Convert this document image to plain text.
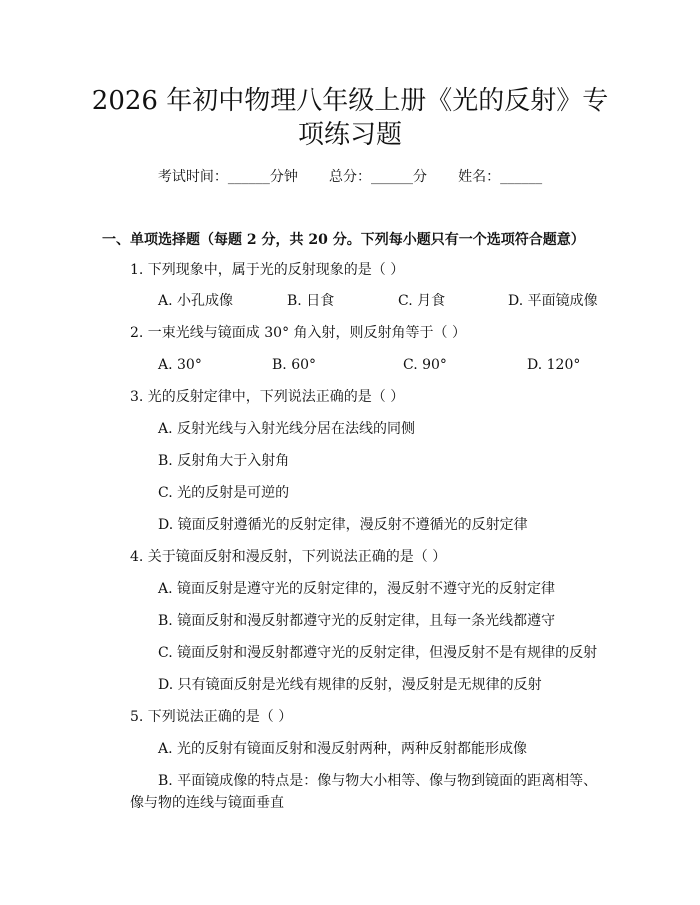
2026 年初中物理八年级上册《光的反射》专
项练习题
考试时间：______分钟 总分：______分 姓名：______
一、单项选择题（每题 2 分，共 20 分。下列每小题只有一个选项符合题意）
1. 下列现象中，属于光的反射现象的是（ ）
A. 小孔成像	B. 日食	C. 月食	D. 平面镜成像
2. 一束光线与镜面成 30° 角入射，则反射角等于（ ）
A. 30°	B. 60°	C. 90°	D. 120°
3. 光的反射定律中，下列说法正确的是（ ）
A. 反射光线与入射光线分居在法线的同侧
B. 反射角大于入射角
C. 光的反射是可逆的
D. 镜面反射遵循光的反射定律，漫反射不遵循光的反射定律
4. 关于镜面反射和漫反射，下列说法正确的是（ ）
A. 镜面反射是遵守光的反射定律的，漫反射不遵守光的反射定律
B. 镜面反射和漫反射都遵守光的反射定律，且每一条光线都遵守
C. 镜面反射和漫反射都遵守光的反射定律，但漫反射不是有规律的反射
D. 只有镜面反射是光线有规律的反射，漫反射是无规律的反射
5. 下列说法正确的是（ ）
A. 光的反射有镜面反射和漫反射两种，两种反射都能形成像
B. 平面镜成像的特点是：像与物大小相等、像与物到镜面的距离相等、
像与物的连线与镜面垂直
